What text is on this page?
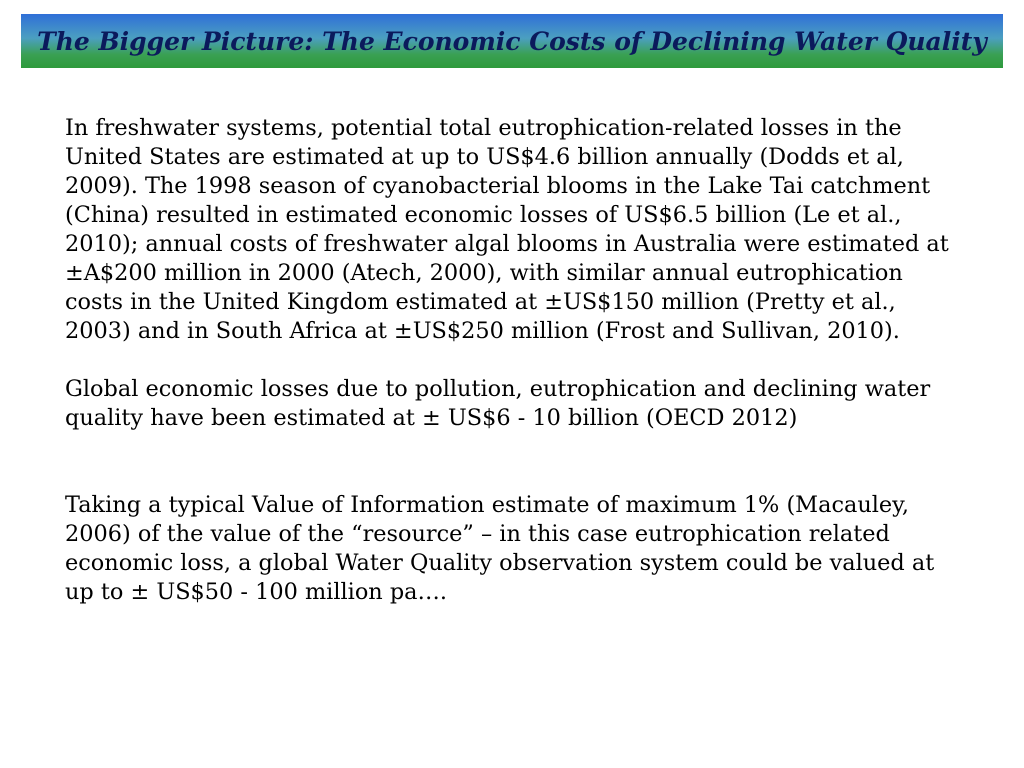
The Bigger Picture: The Economic Costs of Declining Water Quality

In freshwater systems, potential total eutrophication-related losses in the United States are estimated at up to US$4.6 billion annually (Dodds et al, 2009). The 1998 season of cyanobacterial blooms in the Lake Tai catchment (China) resulted in estimated economic losses of US$6.5 billion (Le et al., 2010); annual costs of freshwater algal blooms in Australia were estimated at ±A$200 million in 2000 (Atech, 2000), with similar annual eutrophication costs in the United Kingdom estimated at ±US$150 million (Pretty et al., 2003) and in South Africa at ±US$250 million (Frost and Sullivan, 2010).

Global economic losses due to pollution, eutrophication and declining water quality have been estimated at ± US$6 - 10 billion (OECD 2012)

Taking a typical Value of Information estimate of maximum 1% (Macauley, 2006) of the value of the “resource” – in this case eutrophication related economic loss, a global Water Quality observation system could be valued at up to ± US$50 - 100 million pa….
